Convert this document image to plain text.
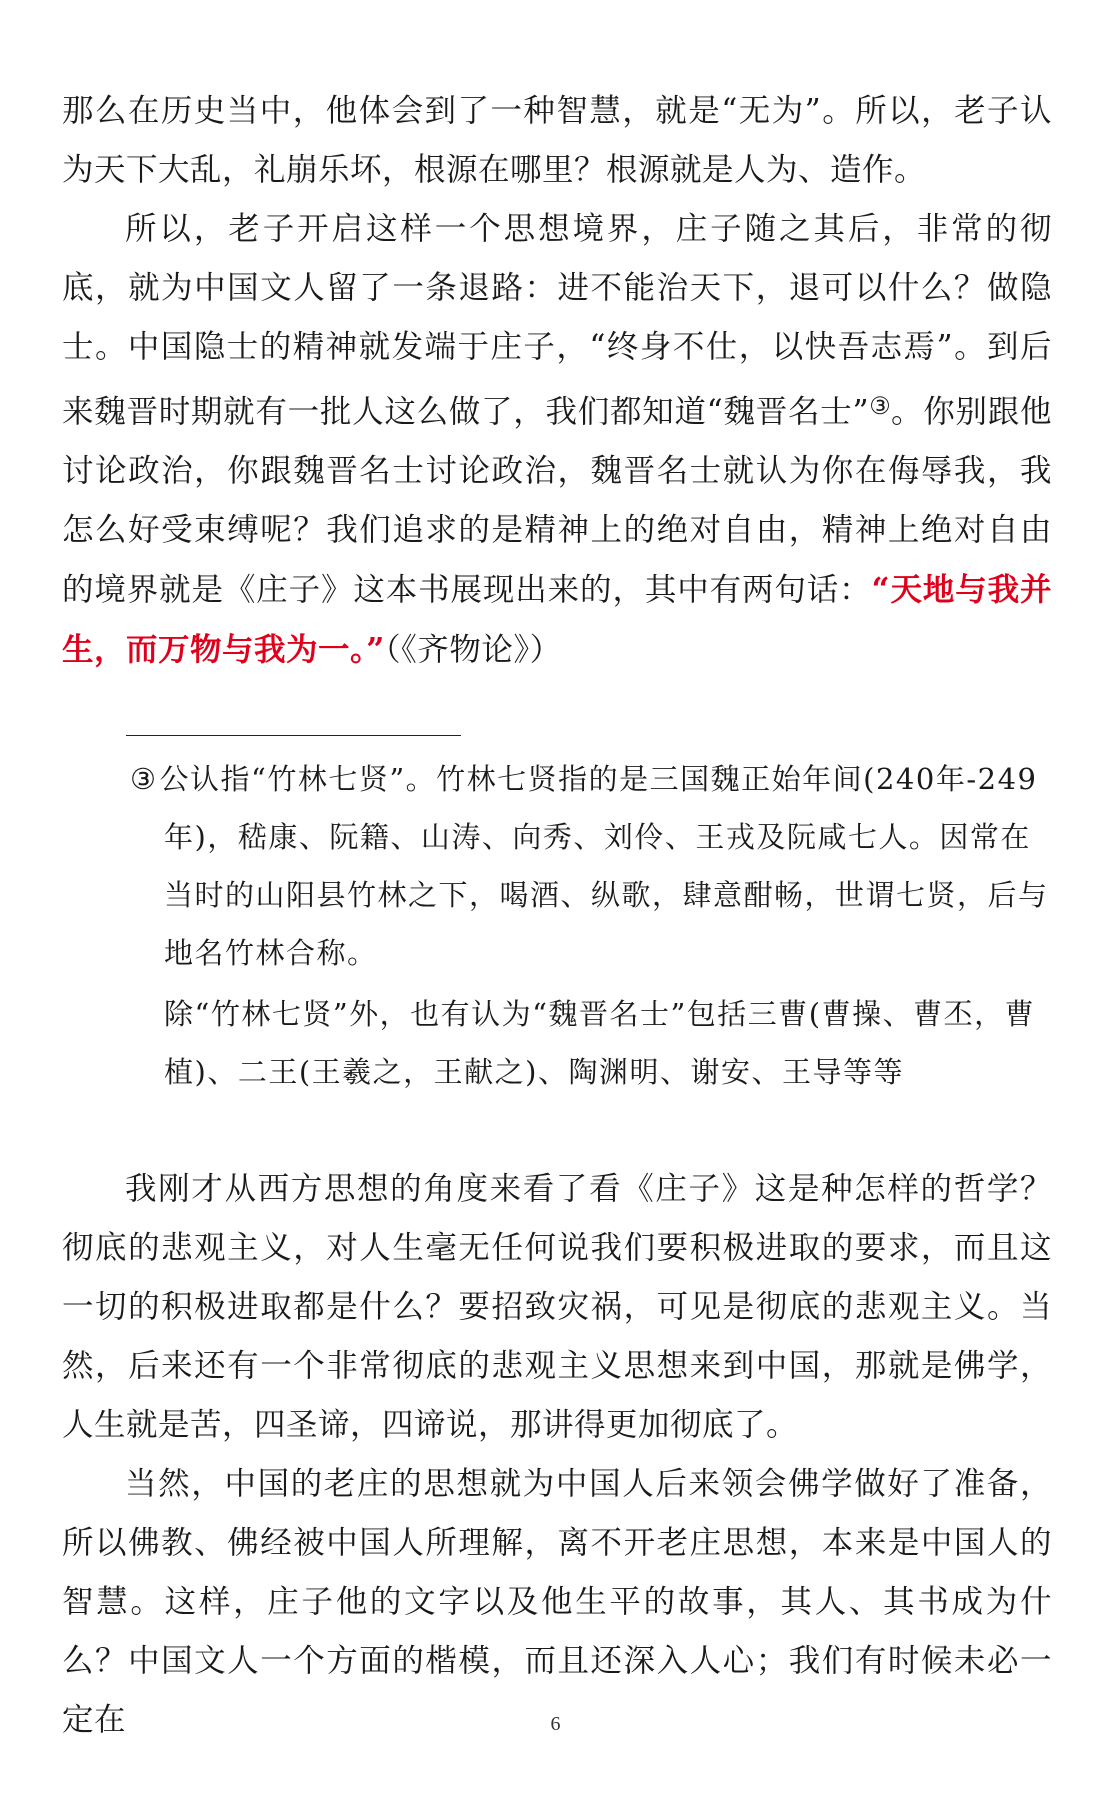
那么在历史当中，他体会到了一种智慧，就是“无为”。所以，老子认为天下大乱，礼崩乐坏，根源在哪里？根源就是人为、造作。

所以，老子开启这样一个思想境界，庄子随之其后，非常的彻底，就为中国文人留了一条退路：进不能治天下，退可以什么？做隐士。中国隐士的精神就发端于庄子，“终身不仕，以快吾志焉”。到后来魏晋时期就有一批人这么做了，我们都知道“魏晋名士”③。你别跟他讨论政治，你跟魏晋名士讨论政治，魏晋名士就认为你在侮辱我，我怎么好受束缚呢？我们追求的是精神上的绝对自由，精神上绝对自由的境界就是《庄子》这本书展现出来的，其中有两句话：“天地与我并生，而万物与我为一。”（《齐物论》）

③公认指“竹林七贤”。竹林七贤指的是三国魏正始年间(240年-249年)，嵇康、阮籍、山涛、向秀、刘伶、王戎及阮咸七人。因常在当时的山阳县竹林之下，喝酒、纵歌，肆意酣畅，世谓七贤，后与地名竹林合称。
除“竹林七贤”外，也有认为“魏晋名士”包括三曹(曹操、曹丕，曹植)、二王(王羲之，王献之)、陶渊明、谢安、王导等等

我刚才从西方思想的角度来看了看《庄子》这是种怎样的哲学？彻底的悲观主义，对人生毫无任何说我们要积极进取的要求，而且这一切的积极进取都是什么？要招致灾祸，可见是彻底的悲观主义。当然，后来还有一个非常彻底的悲观主义思想来到中国，那就是佛学，人生就是苦，四圣谛，四谛说，那讲得更加彻底了。

当然，中国的老庄的思想就为中国人后来领会佛学做好了准备，所以佛教、佛经被中国人所理解，离不开老庄思想，本来是中国人的智慧。这样，庄子他的文字以及他生平的故事，其人、其书成为什么？中国文人一个方面的楷模，而且还深入人心；我们有时候未必一定在	6
